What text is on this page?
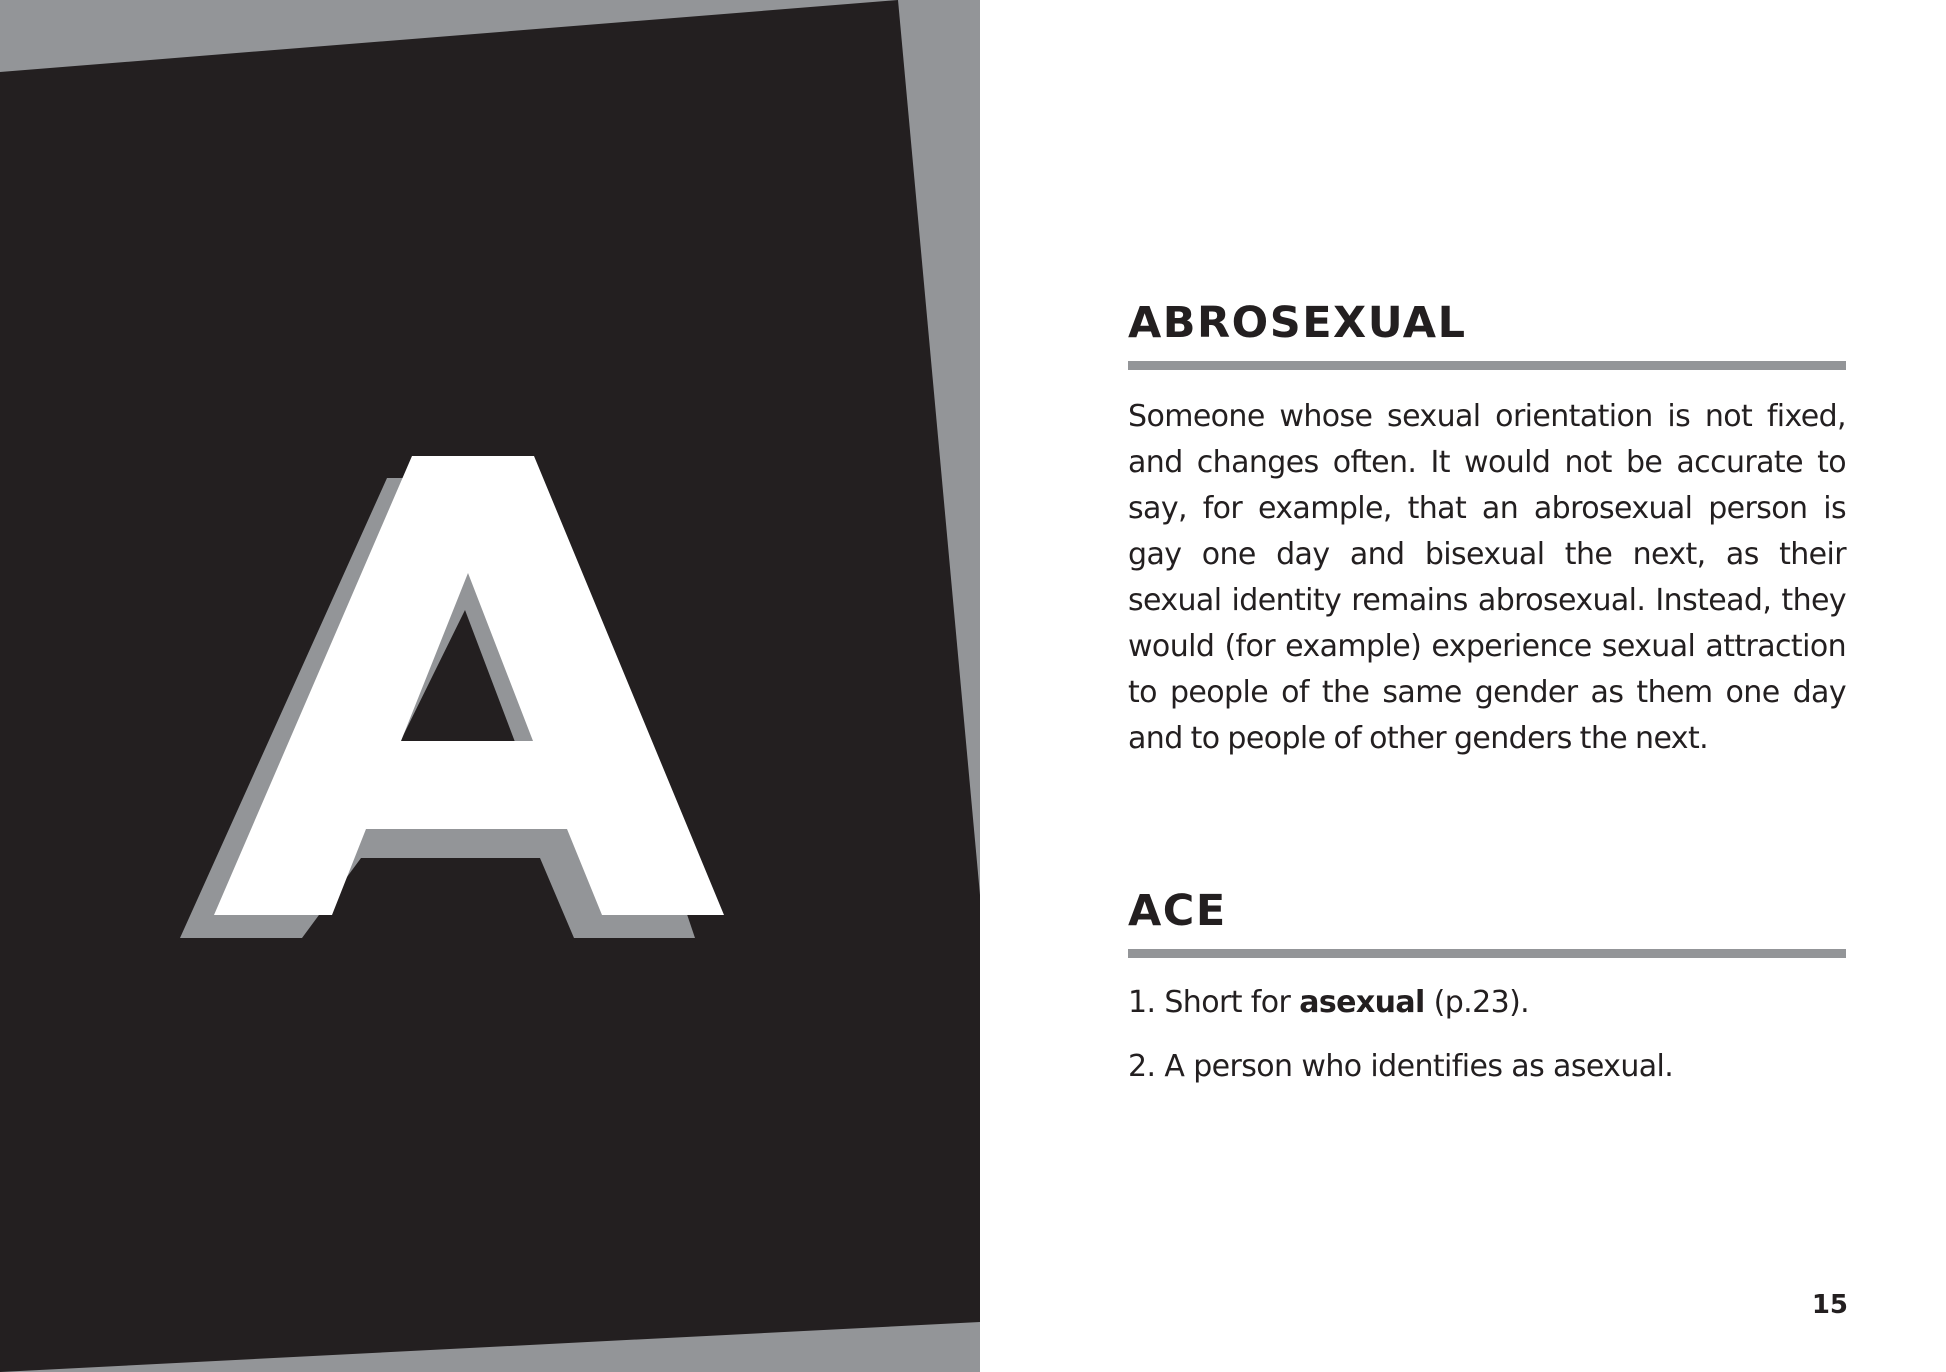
ABROSEXUAL

Someone whose sexual orientation is not fixed, and changes often. It would not be accurate to say, for example, that an abrosexual person is gay one day and bisexual the next, as their sexual identity remains abrosexual. Instead, they would (for example) experience sexual attraction to people of the same gender as them one day and to people of other genders the next.

ACE
1. Short for asexual (p.23).
2. A person who identifies as asexual.
15
